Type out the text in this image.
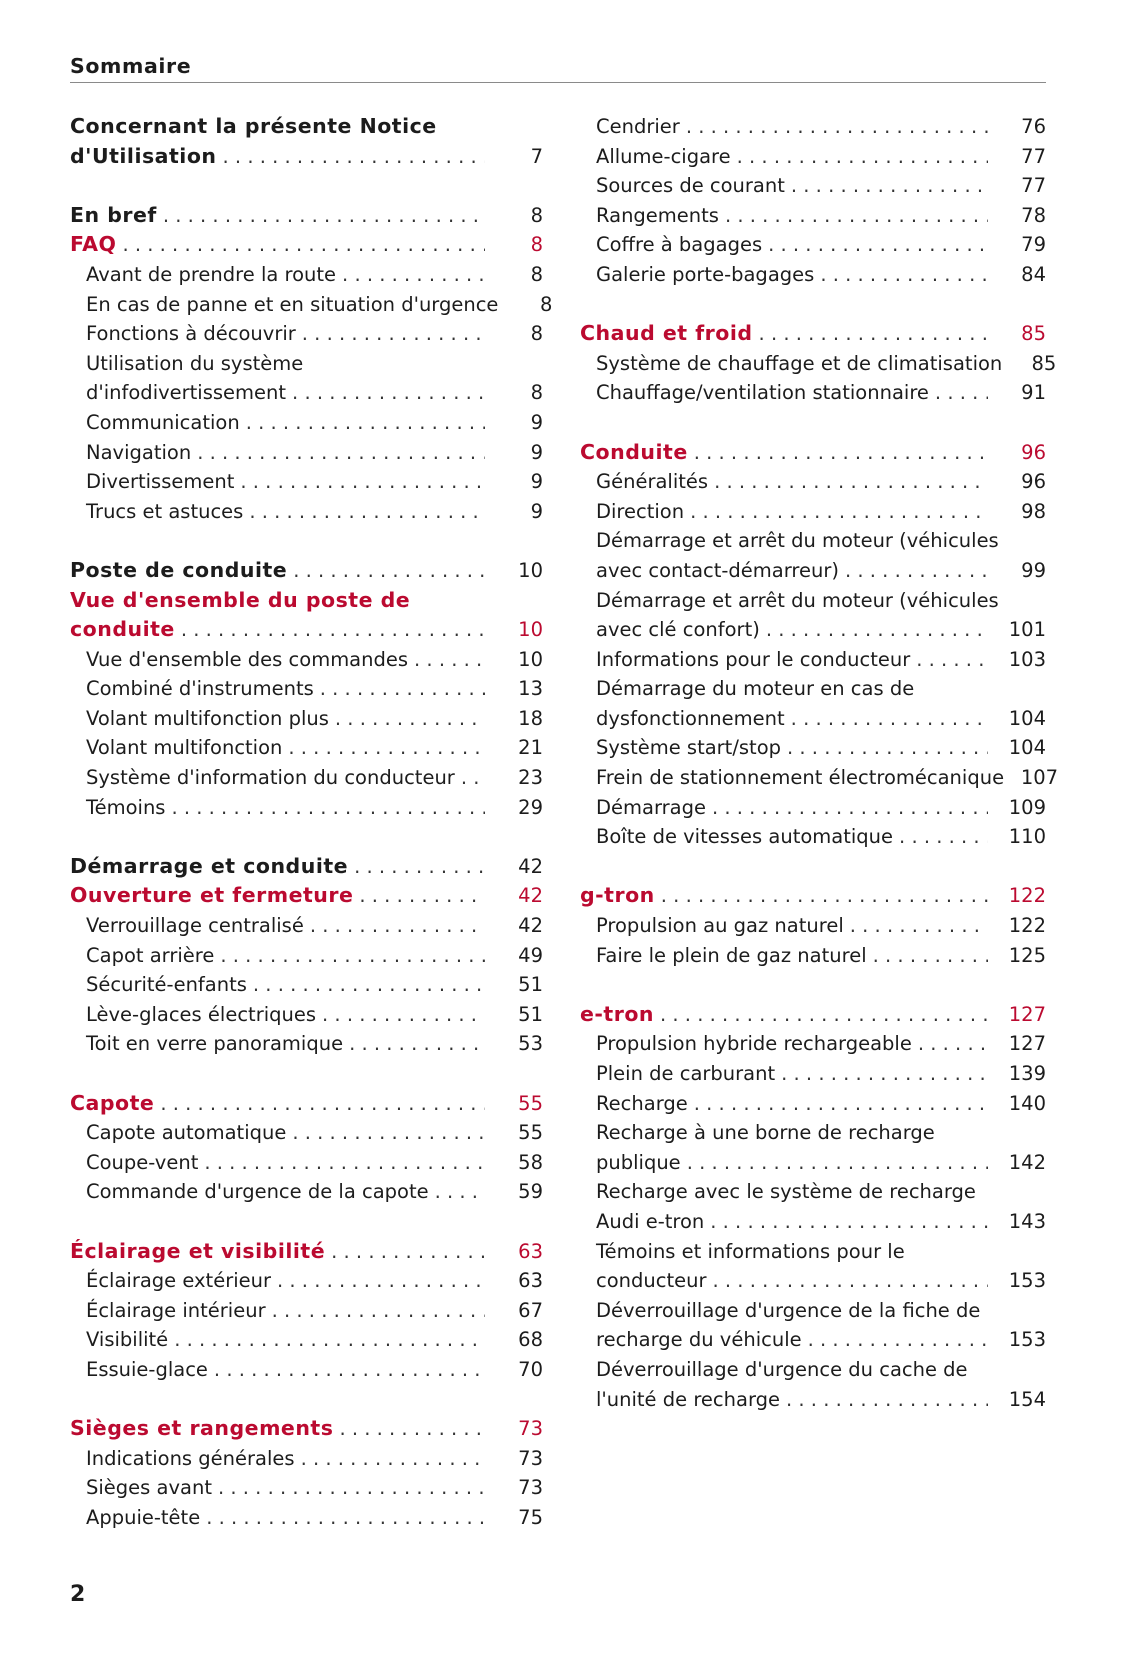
Sommaire
Concernant la présente Notice
d'Utilisation . . .	7
En bref . . .	8
FAQ . . .	8
Avant de prendre la route . . .	8
En cas de panne et en situation d'urgence	8
Fonctions à découvrir . . .	8
Utilisation du système
d'infodivertissement . . .	8
Communication . . .	9
Navigation . . .	9
Divertissement . . .	9
Trucs et astuces . . .	9
Poste de conduite . . .	10
Vue d'ensemble du poste de
conduite . . .	10
Vue d'ensemble des commandes . . .	10
Combiné d'instruments . . .	13
Volant multifonction plus . . .	18
Volant multifonction . . .	21
Système d'information du conducteur . . .	23
Témoins . . .	29
Démarrage et conduite . . .	42
Ouverture et fermeture . . .	42
Verrouillage centralisé . . .	42
Capot arrière . . .	49
Sécurité-enfants . . .	51
Lève-glaces électriques . . .	51
Toit en verre panoramique . . .	53
Capote . . .	55
Capote automatique . . .	55
Coupe-vent . . .	58
Commande d'urgence de la capote . . .	59
Éclairage et visibilité . . .	63
Éclairage extérieur . . .	63
Éclairage intérieur . . .	67
Visibilité . . .	68
Essuie-glace . . .	70
Sièges et rangements . . .	73
Indications générales . . .	73
Sièges avant . . .	73
Appuie-tête . . .	75
Cendrier . . .	76
Allume-cigare . . .	77
Sources de courant . . .	77
Rangements . . .	78
Coffre à bagages . . .	79
Galerie porte-bagages . . .	84
Chaud et froid . . .	85
Système de chauffage et de climatisation	85
Chauffage/ventilation stationnaire . . .	91
Conduite . . .	96
Généralités . . .	96
Direction . . .	98
Démarrage et arrêt du moteur (véhicules
avec contact-démarreur) . . .	99
Démarrage et arrêt du moteur (véhicules
avec clé confort) . . .	101
Informations pour le conducteur . . .	103
Démarrage du moteur en cas de
dysfonctionnement . . .	104
Système start/stop . . .	104
Frein de stationnement électromécanique 107
Démarrage . . .	109
Boîte de vitesses automatique . . .	110
g-tron . . .	122
Propulsion au gaz naturel . . .	122
Faire le plein de gaz naturel . . .	125
e-tron . . .	127
Propulsion hybride rechargeable . . .	127
Plein de carburant . . .	139
Recharge . . .	140
Recharge à une borne de recharge
publique . . .	142
Recharge avec le système de recharge
Audi e-tron . . .	143
Témoins et informations pour le
conducteur . . .	153
Déverrouillage d'urgence de la fiche de
recharge du véhicule . . .	153
Déverrouillage d'urgence du cache de
l'unité de recharge . . .	154
2
